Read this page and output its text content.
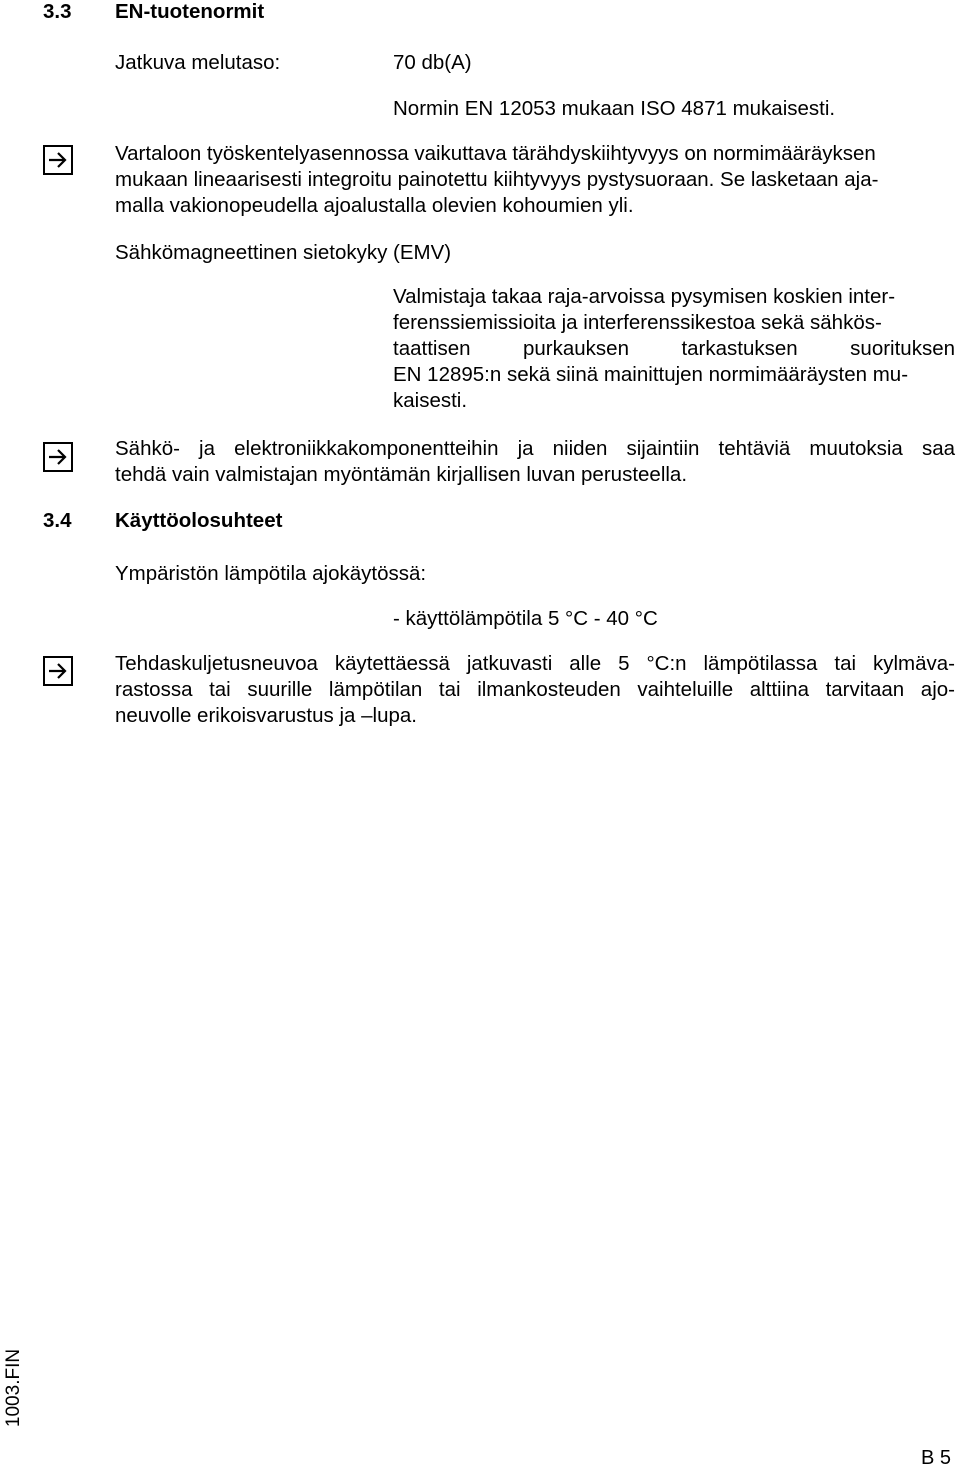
3.3 EN-tuotenormit
Jatkuva melutaso:	70 db(A)
Normin EN 12053 mukaan ISO 4871 mukaisesti.
Vartaloon työskentelyasennossa vaikuttava tärähdyskiihtyvyys on normimääräyksen
mukaan lineaarisesti integroitu painotettu kiihtyvyys pystysuoraan. Se lasketaan aja-
malla vakionopeudella ajoalustalla olevien kohoumien yli.
Sähkömagneettinen sietokyky (EMV)
Valmistaja takaa raja-arvoissa pysymisen koskien inter-
ferenssiemissioita ja interferenssikestoa sekä sähkös-
taattisen purkauksen tarkastuksen suorituksen
EN 12895:n sekä siinä mainittujen normimääräysten mu-
kaisesti.
Sähkö- ja elektroniikkakomponentteihin ja niiden sijaintiin tehtäviä muutoksia saa
tehdä vain valmistajan myöntämän kirjallisen luvan perusteella.
3.4 Käyttöolosuhteet
Ympäristön lämpötila ajokäytössä:
- käyttölämpötila 5 °C - 40 °C
Tehdaskuljetusneuvoa käytettäessä jatkuvasti alle 5 °C:n lämpötilassa tai kylmäva-
rastossa tai suurille lämpötilan tai ilmankosteuden vaihteluille alttiina tarvitaan ajo-
neuvolle erikoisvarustus ja –lupa.
1003.FIN
B 5
